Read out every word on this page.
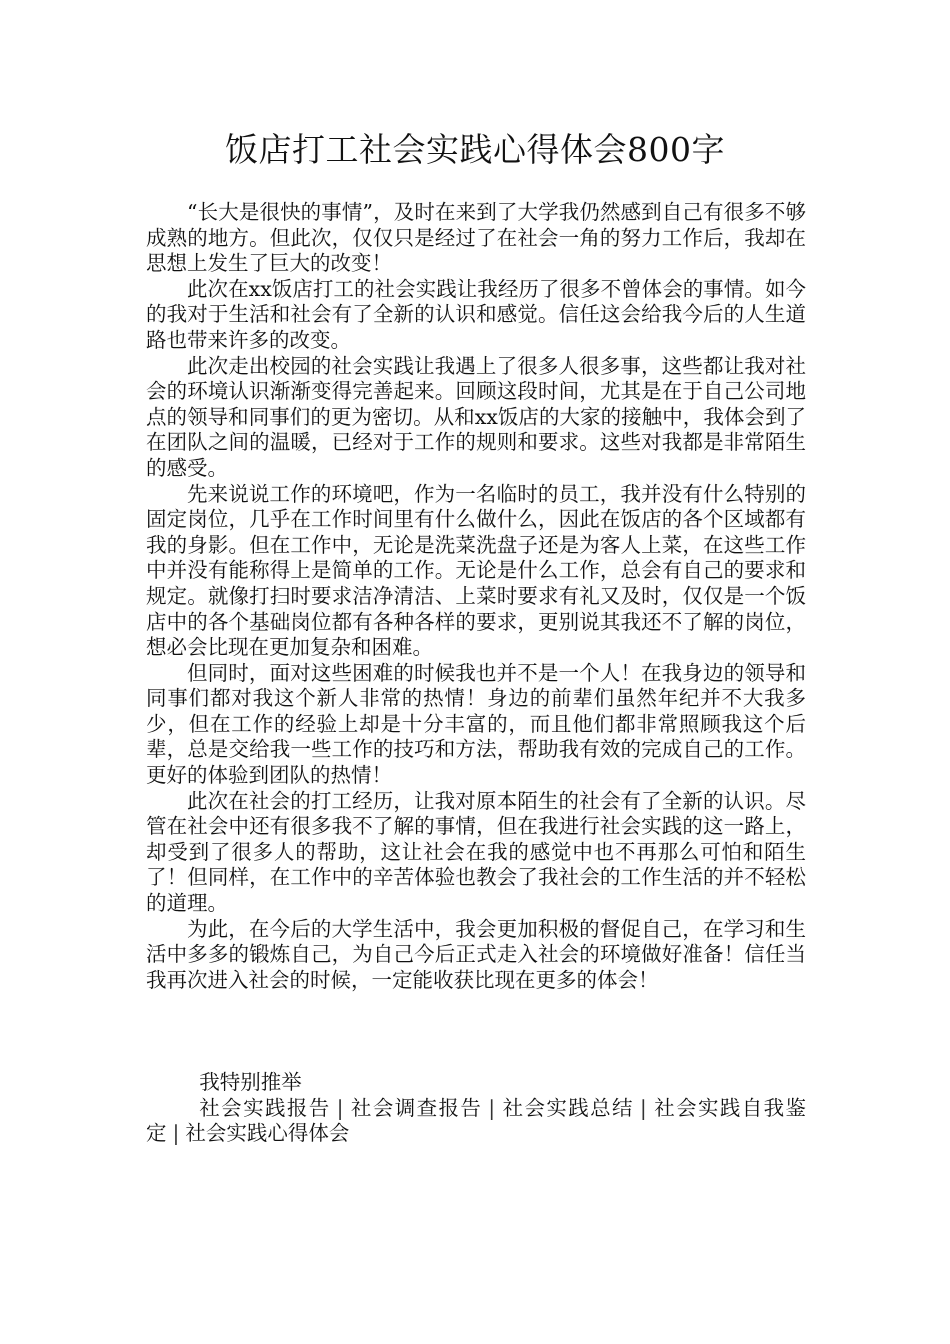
饭店打工社会实践心得体会800字

“长大是很快的事情”，及时在来到了大学我仍然感到自己有很多不够成熟的地方。但此次，仅仅只是经过了在社会一角的努力工作后，我却在思想上发生了巨大的改变！

此次在xx饭店打工的社会实践让我经历了很多不曾体会的事情。如今的我对于生活和社会有了全新的认识和感觉。信任这会给我今后的人生道路也带来许多的改变。

此次走出校园的社会实践让我遇上了很多人很多事，这些都让我对社会的环境认识渐渐变得完善起来。回顾这段时间，尤其是在于自己公司地点的领导和同事们的更为密切。从和xx饭店的大家的接触中，我体会到了在团队之间的温暖，已经对于工作的规则和要求。这些对我都是非常陌生的感受。

先来说说工作的环境吧，作为一名临时的员工，我并没有什么特别的固定岗位，几乎在工作时间里有什么做什么，因此在饭店的各个区域都有我的身影。但在工作中，无论是洗菜洗盘子还是为客人上菜，在这些工作中并没有能称得上是简单的工作。无论是什么工作，总会有自己的要求和规定。就像打扫时要求洁净清洁、上菜时要求有礼又及时，仅仅是一个饭店中的各个基础岗位都有各种各样的要求，更别说其我还不了解的岗位，想必会比现在更加复杂和困难。

但同时，面对这些困难的时候我也并不是一个人！在我身边的领导和同事们都对我这个新人非常的热情！身边的前辈们虽然年纪并不大我多少，但在工作的经验上却是十分丰富的，而且他们都非常照顾我这个后辈，总是交给我一些工作的技巧和方法，帮助我有效的完成自己的工作。更好的体验到团队的热情！

此次在社会的打工经历，让我对原本陌生的社会有了全新的认识。尽管在社会中还有很多我不了解的事情，但在我进行社会实践的这一路上，却受到了很多人的帮助，这让社会在我的感觉中也不再那么可怕和陌生了！但同样，在工作中的辛苦体验也教会了我社会的工作生活的并不轻松的道理。

为此，在今后的大学生活中，我会更加积极的督促自己，在学习和生活中多多的锻炼自己，为自己今后正式走入社会的环境做好准备！信任当我再次进入社会的时候，一定能收获比现在更多的体会！

我特别推举

社会实践报告 | 社会调查报告 | 社会实践总结 | 社会实践自我鉴定 | 社会实践心得体会
